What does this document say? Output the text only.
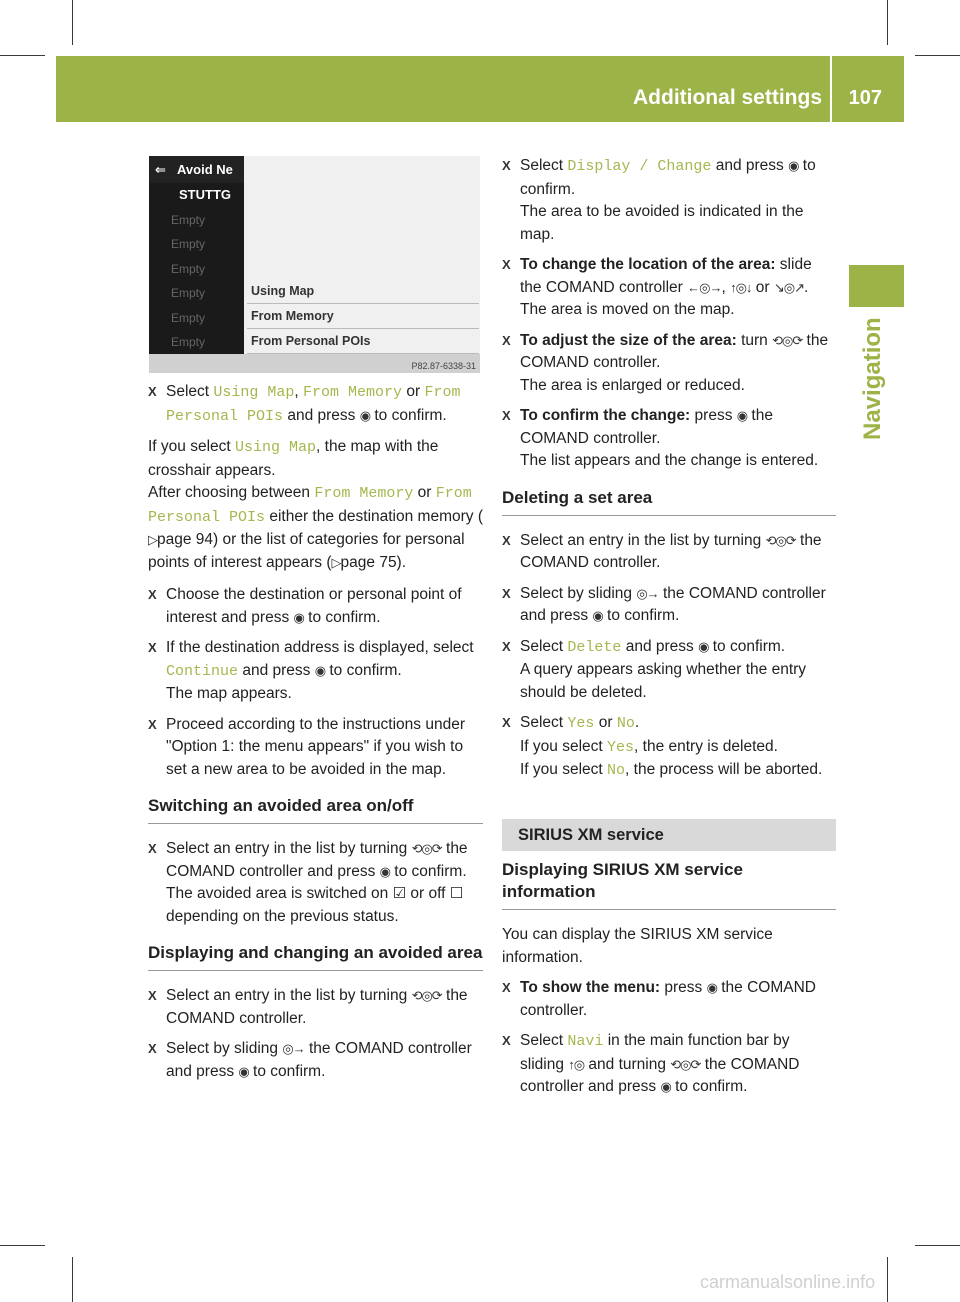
Additional settings 107
Navigation
⇐ Avoid Ne
STUTTG
Empty
Empty
Empty
Empty
Empty
Empty
Using Map
From Memory
From Personal POIs
P82.87-6338-31
X Select Using Map, From Memory or From Personal POIs and press ◉ to confirm.

If you select Using Map, the map with the crosshair appears.

After choosing between From Memory or From Personal POIs either the destination memory (▷page 94) or the list of categories for personal points of interest appears (▷page 75).

X Choose the destination or personal point of interest and press ◉ to confirm.
X If the destination address is displayed, select Continue and press ◉ to confirm.
The map appears.
X Proceed according to the instructions under "Option 1: the menu appears" if you wish to set a new area to be avoided in the map.
Switching an avoided area on/off
X Select an entry in the list by turning ⟲◎⟳ the COMAND controller and press ◉ to confirm.
The avoided area is switched on ☑ or off ☐ depending on the previous status.
Displaying and changing an avoided area
X Select an entry in the list by turning ⟲◎⟳ the COMAND controller.
X Select by sliding ◎→ the COMAND controller and press ◉ to confirm.
X Select Display / Change and press ◉ to confirm.
The area to be avoided is indicated in the map.
X To change the location of the area: slide the COMAND controller ←◎→, ↑◎↓ or ↘◎↗.
The area is moved on the map.
X To adjust the size of the area: turn ⟲◎⟳ the COMAND controller.
The area is enlarged or reduced.
X To confirm the change: press ◉ the COMAND controller.
The list appears and the change is entered.
Deleting a set area
X Select an entry in the list by turning ⟲◎⟳ the COMAND controller.
X Select by sliding ◎→ the COMAND controller and press ◉ to confirm.
X Select Delete and press ◉ to confirm.
A query appears asking whether the entry should be deleted.
X Select Yes or No.
If you select Yes, the entry is deleted.
If you select No, the process will be aborted.
SIRIUS XM service
Displaying SIRIUS XM service information

You can display the SIRIUS XM service information.

X To show the menu: press ◉ the COMAND controller.
X Select Navi in the main function bar by sliding ↑◎ and turning ⟲◎⟳ the COMAND controller and press ◉ to confirm.
carmanualsonline.info
